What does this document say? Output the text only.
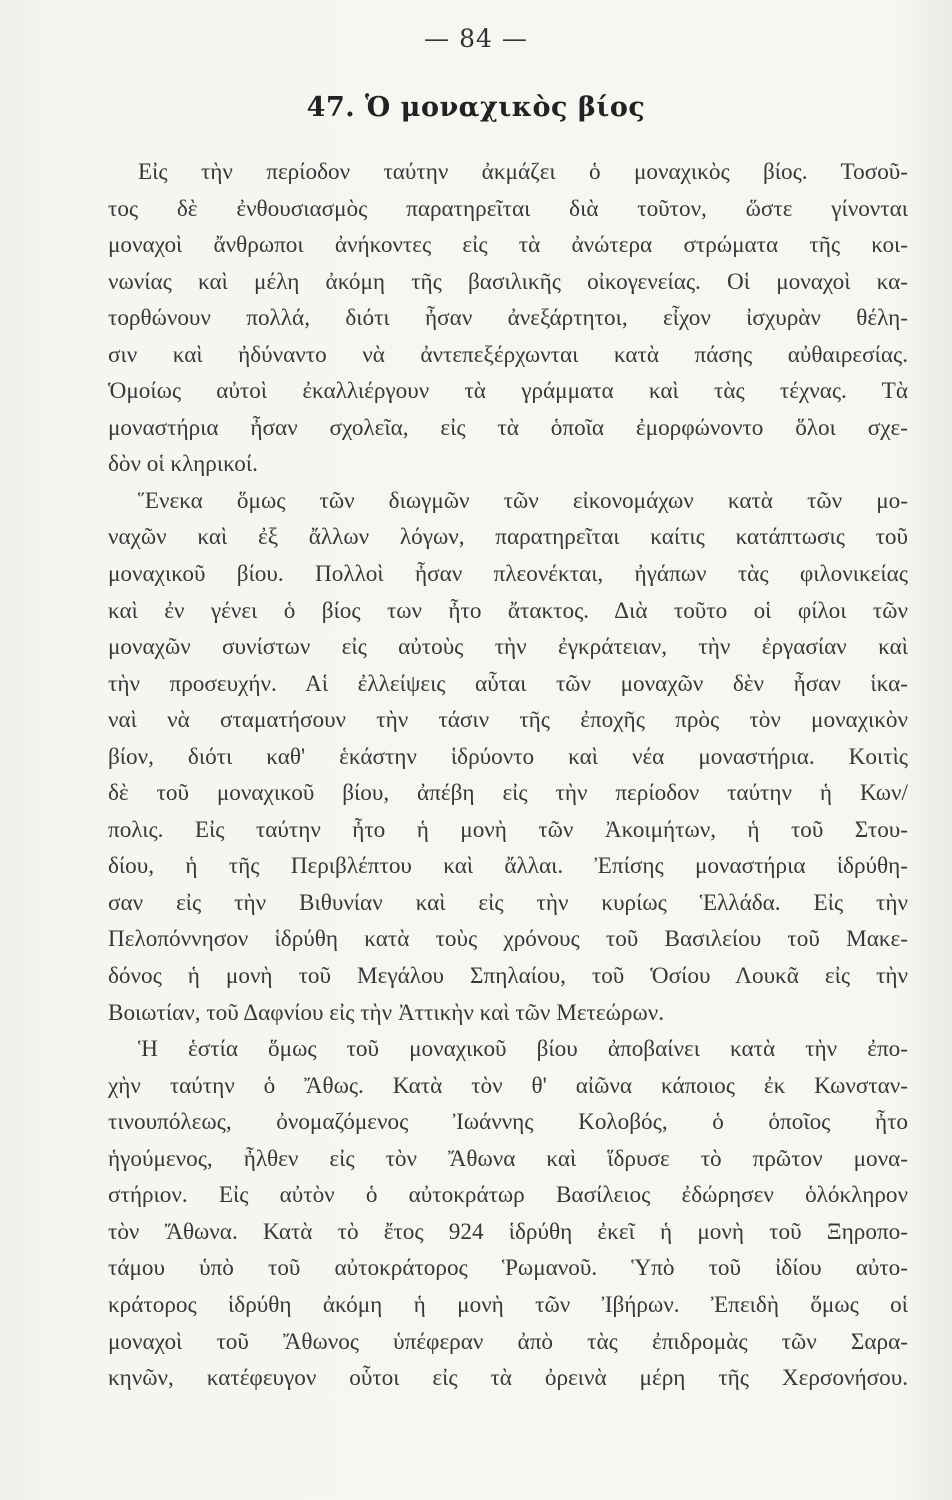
— 84 —
47. Ὁ μοναχικὸς βίος
Εἰς τὴν περίοδον ταύτην ἀκμάζει ὁ μοναχικὸς βίος. Τοσοῦ-
τος δὲ ἐνθουσιασμὸς παρατηρεῖται διὰ τοῦτον, ὥστε γίνονται
μοναχοὶ ἄνθρωποι ἀνήκοντες εἰς τὰ ἀνώτερα στρώματα τῆς κοι-
νωνίας καὶ μέλη ἀκόμη τῆς βασιλικῆς οἰκογενείας. Οἱ μοναχοὶ κα-
τορθώνουν πολλά, διότι ἦσαν ἀνεξάρτητοι, εἶχον ἰσχυρὰν θέλη-
σιν καὶ ἠδύναντο νὰ ἀντεπεξέρχωνται κατὰ πάσης αὐθαιρεσίας.
Ὁμοίως αὐτοὶ ἐκαλλιέργουν τὰ γράμματα καὶ τὰς τέχνας. Τὰ
μοναστήρια ἦσαν σχολεῖα, εἰς τὰ ὁποῖα ἐμορφώνοντο ὅλοι σχε-
δὸν οἱ κληρικοί.
Ἕνεκα ὅμως τῶν διωγμῶν τῶν εἰκονομάχων κατὰ τῶν μο-
ναχῶν καὶ ἐξ ἄλλων λόγων, παρατηρεῖται καίτις κατάπτωσις τοῦ
μοναχικοῦ βίου. Πολλοὶ ἦσαν πλεονέκται, ἠγάπων τὰς φιλονικείας
καὶ ἐν γένει ὁ βίος των ἦτο ἄτακτος. Διὰ τοῦτο οἱ φίλοι τῶν
μοναχῶν συνίστων εἰς αὐτοὺς τὴν ἐγκράτειαν, τὴν ἐργασίαν καὶ
τὴν προσευχήν. Αἱ ἐλλείψεις αὗται τῶν μοναχῶν δὲν ἦσαν ἱκα-
ναὶ νὰ σταματήσουν τὴν τάσιν τῆς ἐποχῆς πρὸς τὸν μοναχικὸν
βίον, διότι καθ' ἑκάστην ἱδρύοντο καὶ νέα μοναστήρια. Κοιτὶς
δὲ τοῦ μοναχικοῦ βίου, ἀπέβη εἰς τὴν περίοδον ταύτην ἡ Κων/
πολις. Εἰς ταύτην ἦτο ἡ μονὴ τῶν Ἀκοιμήτων, ἡ τοῦ Στου-
δίου, ἡ τῆς Περιβλέπτου καὶ ἄλλαι. Ἐπίσης μοναστήρια ἱδρύθη-
σαν εἰς τὴν Βιθυνίαν καὶ εἰς τὴν κυρίως Ἑλλάδα. Εἰς τὴν
Πελοπόννησον ἱδρύθη κατὰ τοὺς χρόνους τοῦ Βασιλείου τοῦ Μακε-
δόνος ἡ μονὴ τοῦ Μεγάλου Σπηλαίου, τοῦ Ὁσίου Λουκᾶ εἰς τὴν
Βοιωτίαν, τοῦ Δαφνίου εἰς τὴν Ἀττικὴν καὶ τῶν Μετεώρων.
Ἡ ἑστία ὅμως τοῦ μοναχικοῦ βίου ἀποβαίνει κατὰ τὴν ἐπο-
χὴν ταύτην ὁ Ἄθως. Κατὰ τὸν θ' αἰῶνα κάποιος ἐκ Κωνσταν-
τινουπόλεως, ὀνομαζόμενος Ἰωάννης Κολοβός, ὁ ὁποῖος ἦτο
ἡγούμενος, ἦλθεν εἰς τὸν Ἄθωνα καὶ ἵδρυσε τὸ πρῶτον μονα-
στήριον. Εἰς αὐτὸν ὁ αὐτοκράτωρ Βασίλειος ἐδώρησεν ὁλόκληρον
τὸν Ἄθωνα. Κατὰ τὸ ἔτος 924 ἱδρύθη ἐκεῖ ἡ μονὴ τοῦ Ξηροπο-
τάμου ὑπὸ τοῦ αὐτοκράτορος Ῥωμανοῦ. Ὑπὸ τοῦ ἰδίου αὐτο-
κράτορος ἱδρύθη ἀκόμη ἡ μονὴ τῶν Ἰβήρων. Ἐπειδὴ ὅμως οἱ
μοναχοὶ τοῦ Ἄθωνος ὑπέφεραν ἀπὸ τὰς ἐπιδρομὰς τῶν Σαρα-
κηνῶν, κατέφευγον οὗτοι εἰς τὰ ὀρεινὰ μέρη τῆς Χερσονήσου.
